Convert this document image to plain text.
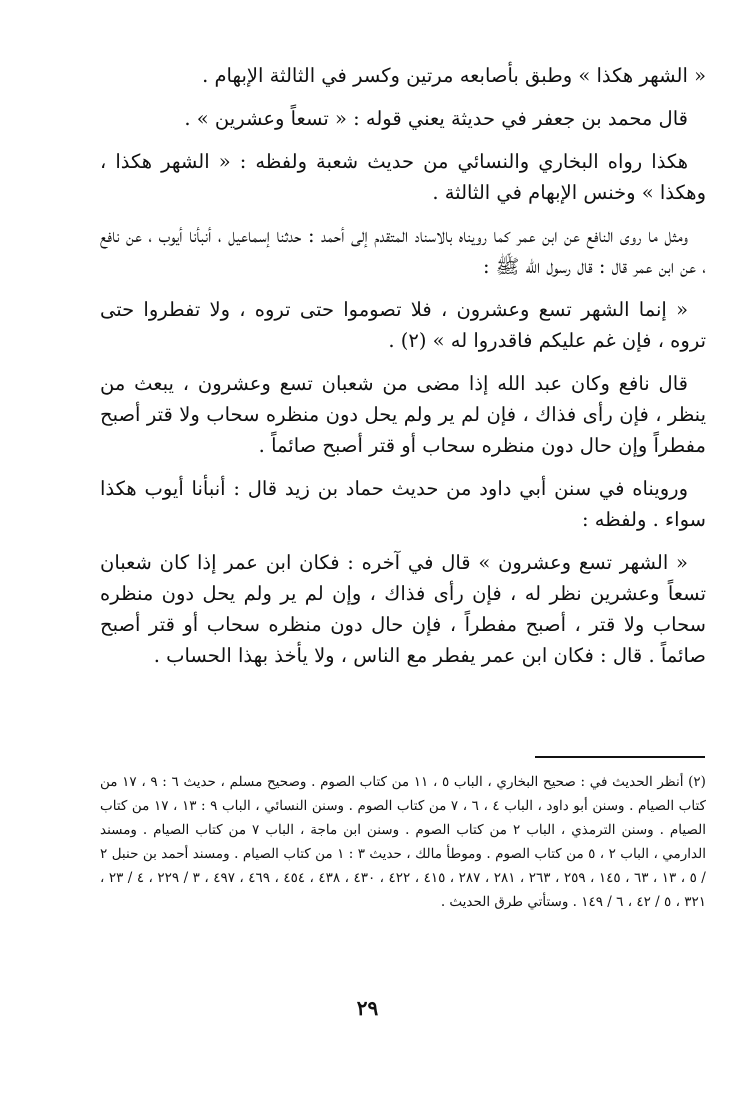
« الشهر هكذا » وطبق بأصابعه مرتين وكسر في الثالثة الإبهام .

قال محمد بن جعفر في حديثة يعني قوله : « تسعاً وعشرين » .

هكذا رواه البخاري والنسائي من حديث شعبة ولفظه : « الشهر هكذا ، وهكذا » وخنس الإبهام في الثالثة .

ومثل ما روى النافع عن ابن عمر كما رويناه بالاسناد المتقدم إلى أحمد : حدثنا إسماعيل ، أنبأنا أيوب ، عن نافع ، عن ابن عمر قال : قال رسول الله ﷺ :

« إنما الشهر تسع وعشرون ، فلا تصوموا حتى تروه ، ولا تفطروا حتى تروه ، فإن غم عليكم فاقدروا له » (٢) .

قال نافع وكان عبد الله إذا مضى من شعبان تسع وعشرون ، يبعث من ينظر ، فإن رأى فذاك ، فإن لم ير ولم يحل دون منظره سحاب ولا قتر أصبح مفطراً وإن حال دون منظره سحاب أو قتر أصبح صائماً .

ورويناه في سنن أبي داود من حديث حماد بن زيد قال : أنبأنا أيوب هكذا سواء . ولفظه :

« الشهر تسع وعشرون » قال في آخره : فكان ابن عمر إذا كان شعبان تسعاً وعشرين نظر له ، فإن رأى فذاك ، وإن لم ير ولم يحل دون منظره سحاب ولا قتر ، أصبح مفطراً ، فإن حال دون منظره سحاب أو قتر أصبح صائماً . قال : فكان ابن عمر يفطر مع الناس ، ولا يأخذ بهذا الحساب .

(٢) أنظر الحديث في : صحيح البخاري ، الباب ٥ ، ١١ من كتاب الصوم . وصحيح مسلم ، حديث ٦ : ٩ ، ١٧ من كتاب الصيام . وسنن أبو داود ، الباب ٤ ، ٦ ، ٧ من كتاب الصوم . وسنن النسائي ، الباب ٩ : ١٣ ، ١٧ من كتاب الصيام . وسنن الترمذي ، الباب ٢ من كتاب الصوم . وسنن ابن ماجة ، الباب ٧ من كتاب الصيام . ومسند الدارمي ، الباب ٢ ، ٥ من كتاب الصوم . وموطأ مالك ، حديث ٣ : ١ من كتاب الصيام . ومسند أحمد بن حنبل ٢ / ٥ ، ١٣ ، ٦٣ ، ١٤٥ ، ٢٥٩ ، ٢٦٣ ، ٢٨١ ، ٢٨٧ ، ٤١٥ ، ٤٢٢ ، ٤٣٠ ، ٤٣٨ ، ٤٥٤ ، ٤٦٩ ، ٤٩٧ ، ٣ / ٢٢٩ ، ٤ / ٢٣ ، ٣٢١ ، ٥ / ٤٢ ، ٦ / ١٤٩ . وستأتي طرق الحديث .

٢٩
